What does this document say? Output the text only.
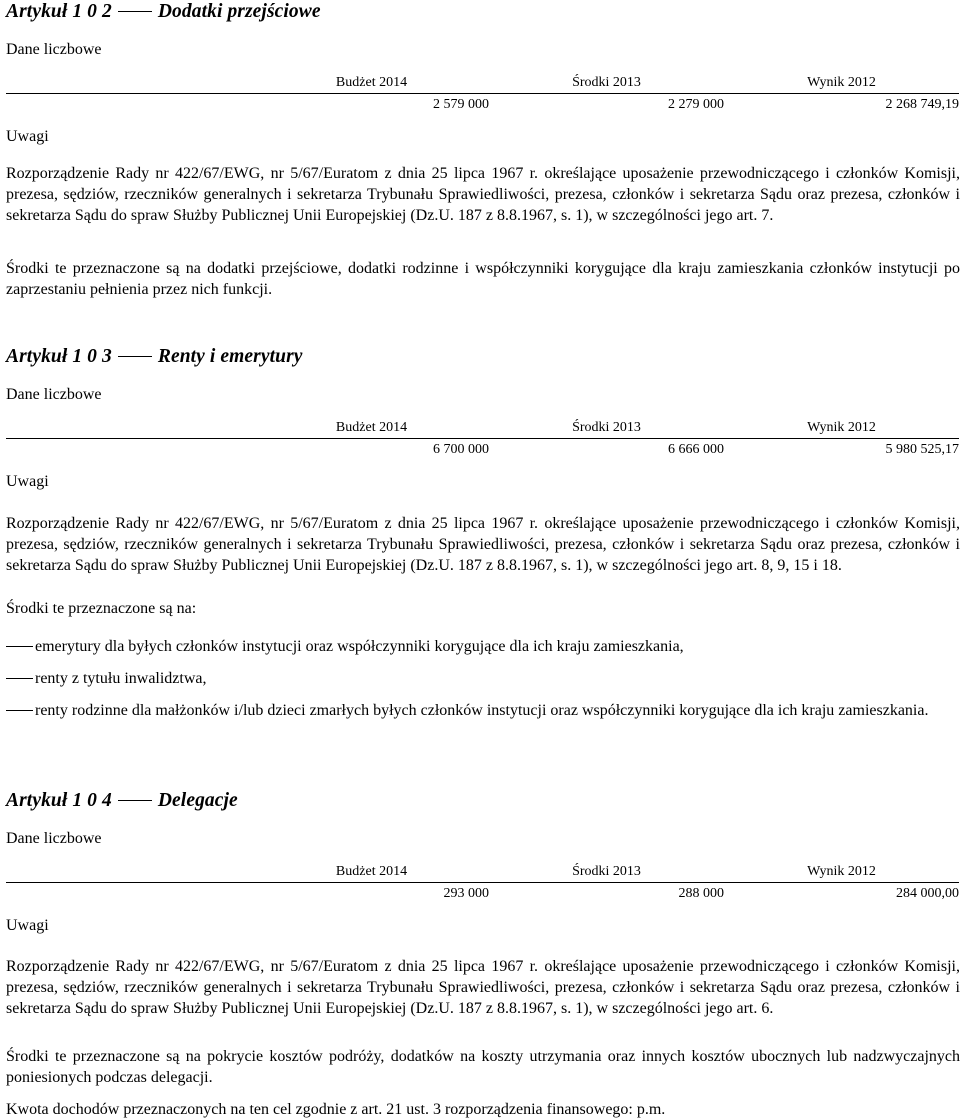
Artykuł 1 0 2 Dodatki przejściowe
Dane liczbowe
Budżet 2014	Środki 2013	Wynik 2012
2 579 000	2 279 000	2 268 749,19
Uwagi

Rozporządzenie Rady nr 422/67/EWG, nr 5/67/Euratom z dnia 25 lipca 1967 r. określające uposażenie przewodniczącego i członków Komisji, prezesa, sędziów, rzeczników generalnych i sekretarza Trybunału Sprawiedliwości, prezesa, członków i sekretarza Sądu oraz prezesa, członków i sekretarza Sądu do spraw Służby Publicznej Unii Europejskiej (Dz.U. 187 z 8.8.1967, s. 1), w szczególności jego art. 7.

Środki te przeznaczone są na dodatki przejściowe, dodatki rodzinne i współczynniki korygujące dla kraju zamieszkania członków instytucji po zaprzestaniu pełnienia przez nich funkcji.

Artykuł 1 0 3 Renty i emerytury
Dane liczbowe
Budżet 2014	Środki 2013	Wynik 2012
6 700 000	6 666 000	5 980 525,17
Uwagi

Rozporządzenie Rady nr 422/67/EWG, nr 5/67/Euratom z dnia 25 lipca 1967 r. określające uposażenie przewodniczącego i członków Komisji, prezesa, sędziów, rzeczników generalnych i sekretarza Trybunału Sprawiedliwości, prezesa, członków i sekretarza Sądu oraz prezesa, członków i sekretarza Sądu do spraw Służby Publicznej Unii Europejskiej (Dz.U. 187 z 8.8.1967, s. 1), w szczególności jego art. 8, 9, 15 i 18.

Środki te przeznaczone są na:

emerytury dla byłych członków instytucji oraz współczynniki korygujące dla ich kraju zamieszkania,
renty z tytułu inwalidztwa,
renty rodzinne dla małżonków i/lub dzieci zmarłych byłych członków instytucji oraz współczynniki korygujące dla ich kraju zamieszkania.
Artykuł 1 0 4 Delegacje
Dane liczbowe
Budżet 2014	Środki 2013	Wynik 2012
293 000	288 000	284 000,00
Uwagi

Rozporządzenie Rady nr 422/67/EWG, nr 5/67/Euratom z dnia 25 lipca 1967 r. określające uposażenie przewodniczącego i członków Komisji, prezesa, sędziów, rzeczników generalnych i sekretarza Trybunału Sprawiedliwości, prezesa, członków i sekretarza Sądu oraz prezesa, członków i sekretarza Sądu do spraw Służby Publicznej Unii Europejskiej (Dz.U. 187 z 8.8.1967, s. 1), w szczególności jego art. 6.

Środki te przeznaczone są na pokrycie kosztów podróży, dodatków na koszty utrzymania oraz innych kosztów ubocznych lub nadzwyczajnych poniesionych podczas delegacji.

Kwota dochodów przeznaczonych na ten cel zgodnie z art. 21 ust. 3 rozporządzenia finansowego: p.m.
